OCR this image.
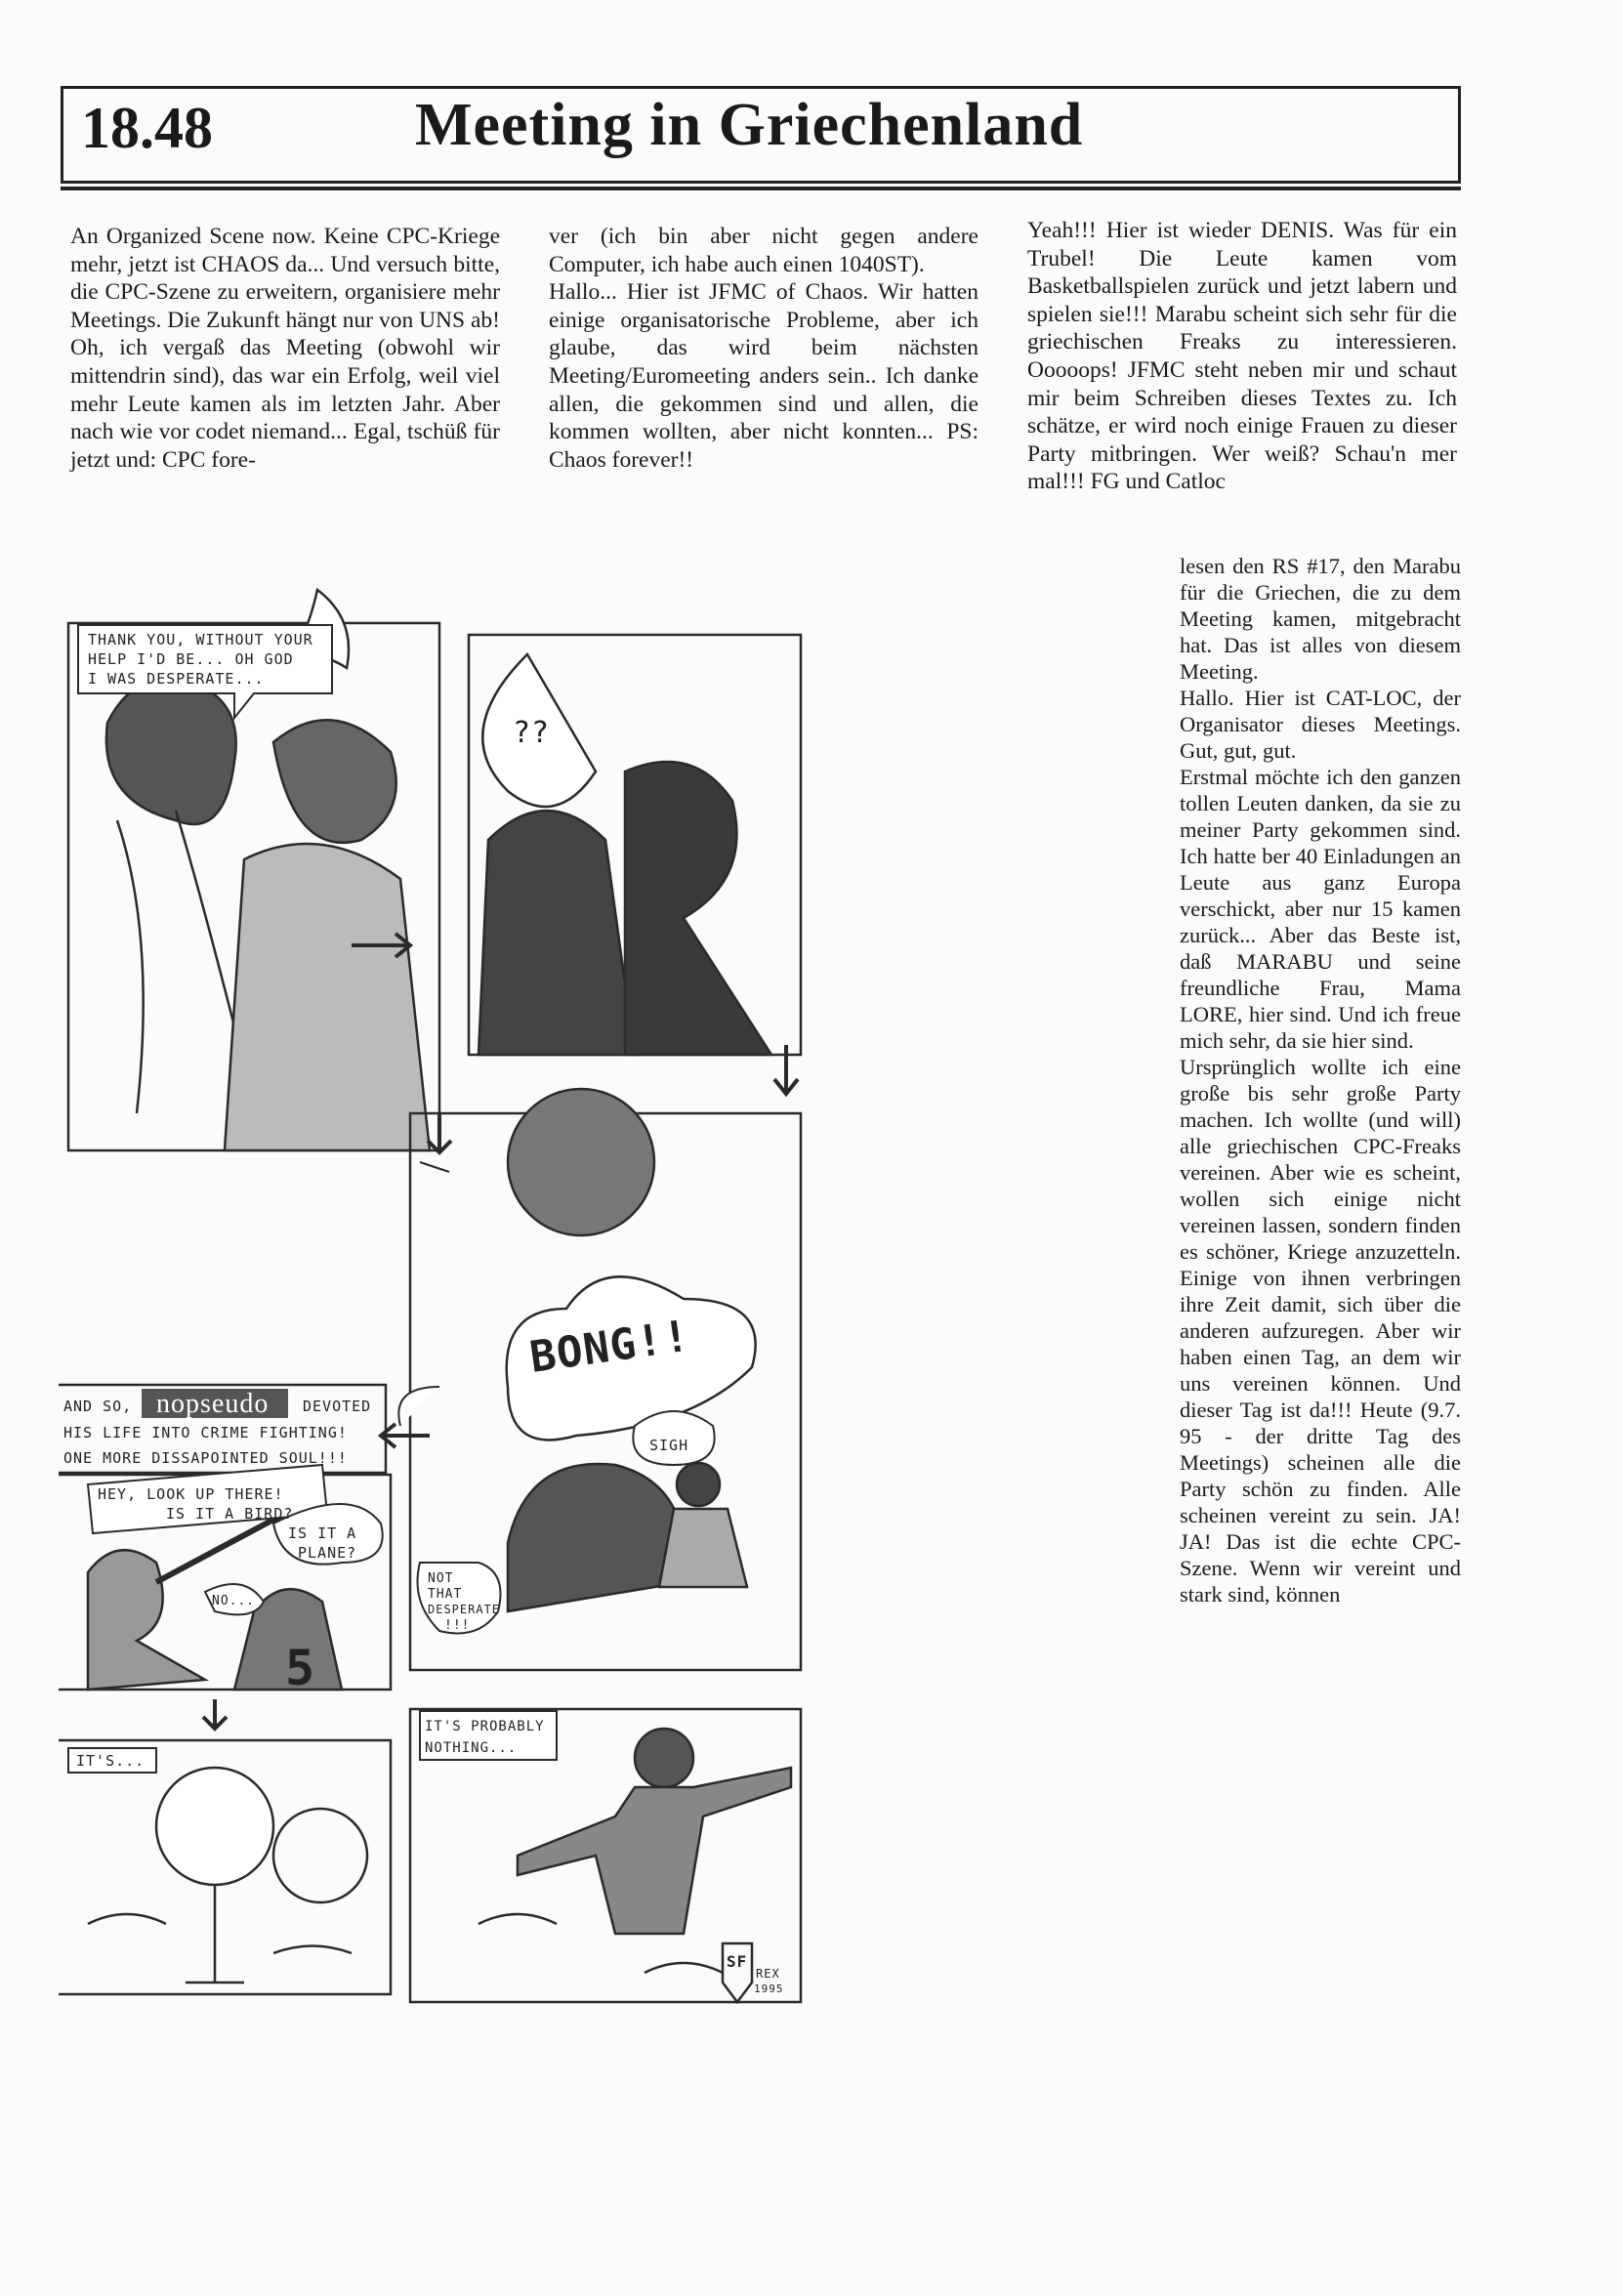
18.48	Meeting in Griechenland

An Organized Scene now. Keine CPC-Kriege mehr, jetzt ist CHAOS da... Und versuch bitte, die CPC-Szene zu erweitern, organisiere mehr Meetings. Die Zukunft hängt nur von UNS ab! Oh, ich vergaß das Meeting (obwohl wir mittendrin sind), das war ein Erfolg, weil viel mehr Leute kamen als im letzten Jahr. Aber nach wie vor codet niemand... Egal, tschüß für jetzt und: CPC fore-

ver (ich bin aber nicht gegen andere Computer, ich habe auch einen 1040ST).

Hallo... Hier ist JFMC of Chaos. Wir hatten einige organisatorische Probleme, aber ich glaube, das wird beim nächsten Meeting/Euromeeting anders sein.. Ich danke allen, die gekommen sind und allen, die kommen wollten, aber nicht konnten... PS: Chaos forever!!

Yeah!!! Hier ist wieder DENIS. Was für ein Trubel! Die Leute kamen vom Basketballspielen zurück und jetzt labern und spielen sie!!! Marabu scheint sich sehr für die griechischen Freaks zu interessieren. Ooooops! JFMC steht neben mir und schaut mir beim Schreiben dieses Textes zu. Ich schätze, er wird noch einige Frauen zu dieser Party mitbringen. Wer weiß? Schau'n mer mal!!! FG und Catloc

lesen den RS #17, den Marabu für die Griechen, die zu dem Meeting kamen, mitgebracht hat. Das ist alles von diesem Meeting.

Hallo. Hier ist CAT-LOC, der Organisator dieses Meetings. Gut, gut, gut.

Erstmal möchte ich den ganzen tollen Leuten danken, da sie zu meiner Party gekommen sind. Ich hatte ber 40 Einladungen an Leute aus ganz Europa verschickt, aber nur 15 kamen zurück... Aber das Beste ist, daß MARABU und seine freundliche Frau, Mama LORE, hier sind. Und ich freue mich sehr, da sie hier sind.

Ursprünglich wollte ich eine große bis sehr große Party machen. Ich wollte (und will) alle griechischen CPC-Freaks vereinen. Aber wie es scheint, wollen sich einige nicht vereinen lassen, sondern finden es schöner, Kriege anzuzetteln. Einige von ihnen verbringen ihre Zeit damit, sich über die anderen aufzuregen. Aber wir haben einen Tag, an dem wir uns vereinen können. Und dieser Tag ist da!!! Heute (9.7. 95 - der dritte Tag des Meetings) scheinen alle die Party schön zu finden. Alle scheinen vereint zu sein. JA! JA! Das ist die echte CPC-Szene. Wenn wir vereint und stark sind, können

THANK YOU, WITHOUT YOUR
HELP I'D BE... OH GOD
I WAS DESPERATE...
??
AND SO,	DEVOTED
HIS LIFE INTO CRIME FIGHTING!
ONE MORE DISSAPOINTED SOUL!!!
BONG!!
SIGH
HEY, LOOK UP THERE!
IS IT A BIRD?
IS IT A
PLANE?
NO...
5
NOT
THAT
DESPERATE
!!!
IT'S...
IT'S PROBABLY
NOTHING...
SF
REX
1995
nopseudo
